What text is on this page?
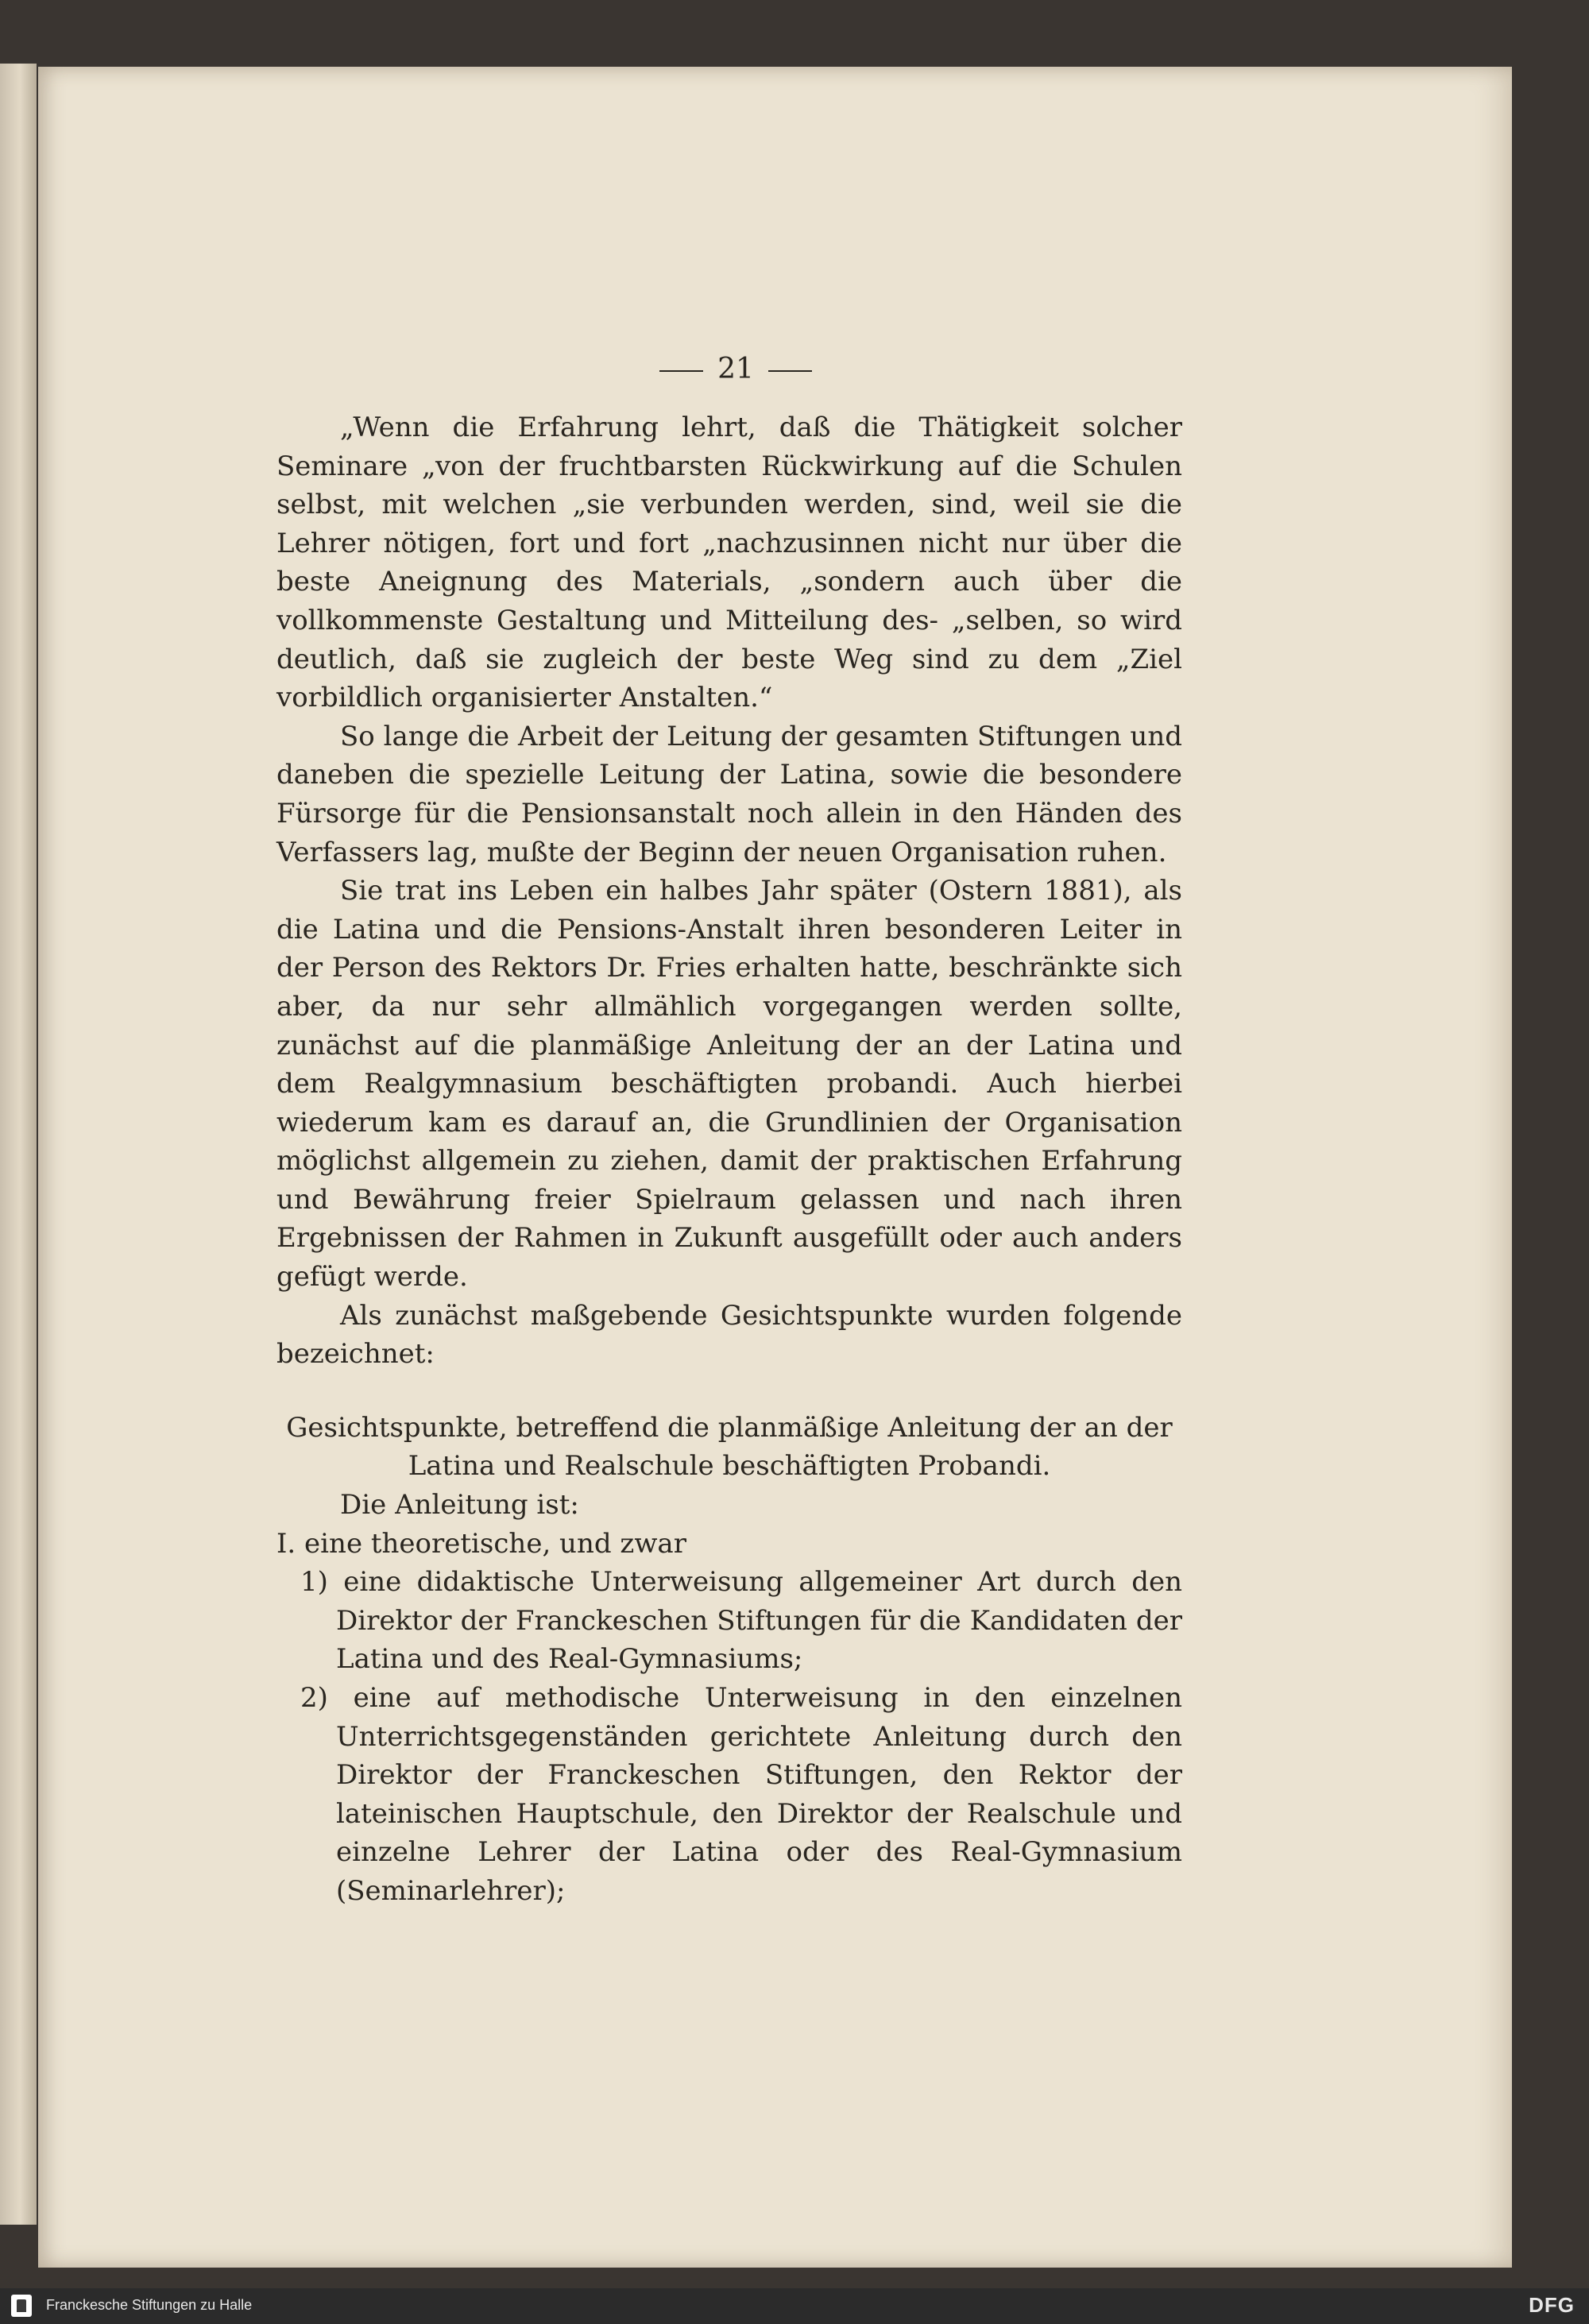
21

„Wenn die Erfahrung lehrt, daß die Thätigkeit solcher Seminare „von der fruchtbarsten Rückwirkung auf die Schulen selbst, mit welchen „sie verbunden werden, sind, weil sie die Lehrer nötigen, fort und fort „nachzusinnen nicht nur über die beste Aneignung des Materials, „sondern auch über die vollkommenste Gestaltung und Mitteilung des- „selben, so wird deutlich, daß sie zugleich der beste Weg sind zu dem „Ziel vorbildlich organisierter Anstalten.“

So lange die Arbeit der Leitung der gesamten Stiftungen und daneben die spezielle Leitung der Latina, sowie die besondere Fürsorge für die Pensionsanstalt noch allein in den Händen des Verfassers lag, mußte der Beginn der neuen Organisation ruhen.

Sie trat ins Leben ein halbes Jahr später (Ostern 1881), als die Latina und die Pensions-Anstalt ihren besonderen Leiter in der Person des Rektors Dr. Fries erhalten hatte, beschränkte sich aber, da nur sehr allmählich vorgegangen werden sollte, zunächst auf die planmäßige Anleitung der an der Latina und dem Realgymnasium beschäftigten probandi. Auch hierbei wiederum kam es darauf an, die Grundlinien der Organisation möglichst allgemein zu ziehen, damit der praktischen Erfahrung und Bewährung freier Spielraum gelassen und nach ihren Ergebnissen der Rahmen in Zukunft ausgefüllt oder auch anders gefügt werde.

Als zunächst maßgebende Gesichtspunkte wurden folgende bezeichnet:

Gesichtspunkte, betreffend die planmäßige Anleitung der an der Latina und Realschule beschäftigten Probandi.

Die Anleitung ist:

I. eine theoretische, und zwar

1) eine didaktische Unterweisung allgemeiner Art durch den Direktor der Franckeschen Stiftungen für die Kandidaten der Latina und des Real-Gymnasiums;

2) eine auf methodische Unterweisung in den einzelnen Unterrichtsgegenständen gerichtete Anleitung durch den Direktor der Franckeschen Stiftungen, den Rektor der lateinischen Hauptschule, den Direktor der Realschule und einzelne Lehrer der Latina oder des Real-Gymnasium (Seminarlehrer);

Franckesche Stiftungen zu Halle	DFG
